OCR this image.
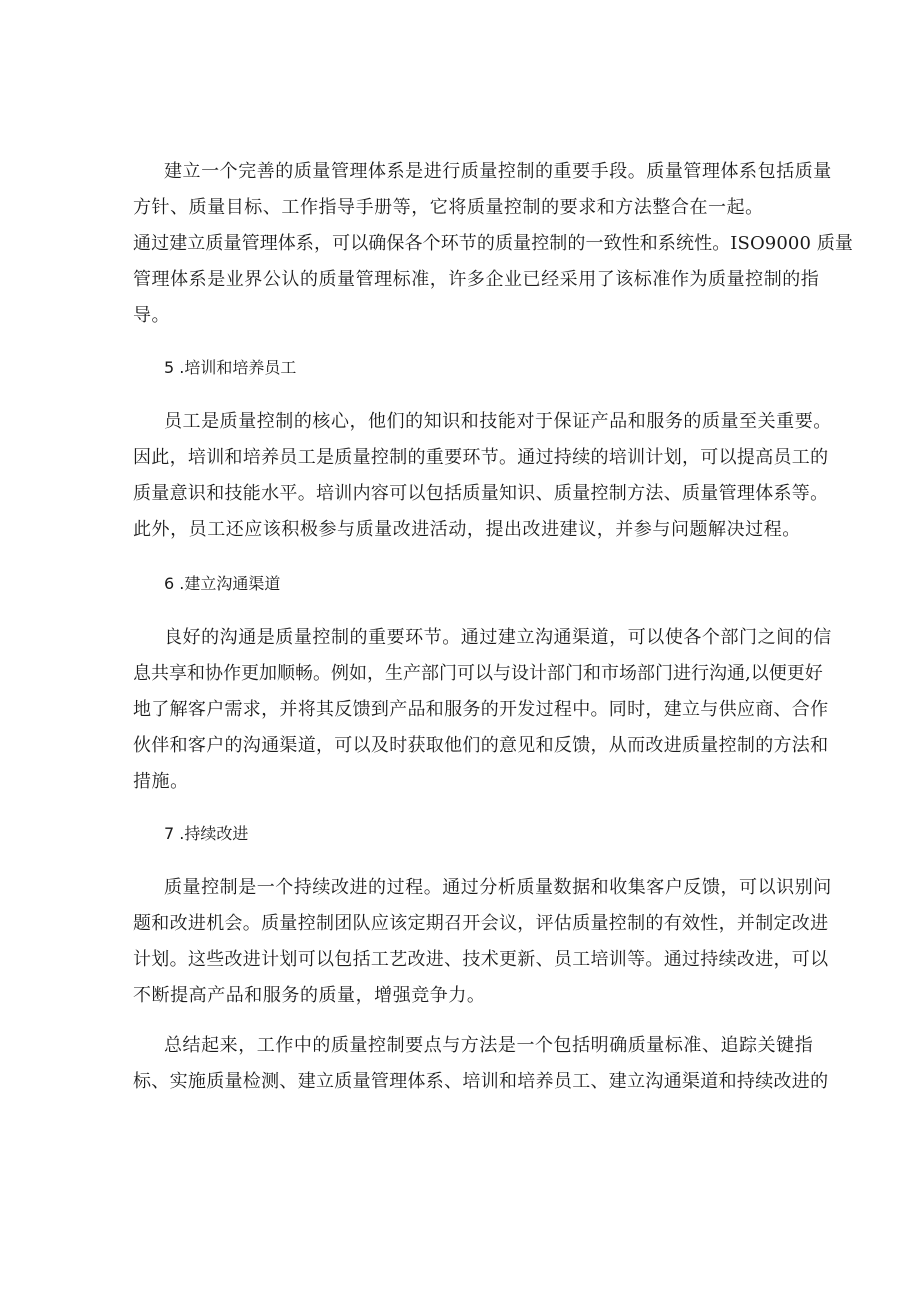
建立一个完善的质量管理体系是进行质量控制的重要手段。质量管理体系包括质量

方针、质量目标、工作指导手册等，它将质量控制的要求和方法整合在一起。

通过建立质量管理体系，可以确保各个环节的质量控制的一致性和系统性。ISO9000 质量

管理体系是业界公认的质量管理标准，许多企业已经采用了该标准作为质量控制的指

导。

5 .培训和培养员工

员工是质量控制的核心，他们的知识和技能对于保证产品和服务的质量至关重要。

因此，培训和培养员工是质量控制的重要环节。通过持续的培训计划，可以提高员工的

质量意识和技能水平。培训内容可以包括质量知识、质量控制方法、质量管理体系等。

此外，员工还应该积极参与质量改进活动，提出改进建议，并参与问题解决过程。

6 .建立沟通渠道

良好的沟通是质量控制的重要环节。通过建立沟通渠道，可以使各个部门之间的信

息共享和协作更加顺畅。例如，生产部门可以与设计部门和市场部门进行沟通,以便更好

地了解客户需求，并将其反馈到产品和服务的开发过程中。同时，建立与供应商、合作

伙伴和客户的沟通渠道，可以及时获取他们的意见和反馈，从而改进质量控制的方法和

措施。

7 .持续改进

质量控制是一个持续改进的过程。通过分析质量数据和收集客户反馈，可以识别问

题和改进机会。质量控制团队应该定期召开会议，评估质量控制的有效性，并制定改进

计划。这些改进计划可以包括工艺改进、技术更新、员工培训等。通过持续改进，可以

不断提高产品和服务的质量，增强竞争力。

总结起来，工作中的质量控制要点与方法是一个包括明确质量标准、追踪关键指

标、实施质量检测、建立质量管理体系、培训和培养员工、建立沟通渠道和持续改进的
